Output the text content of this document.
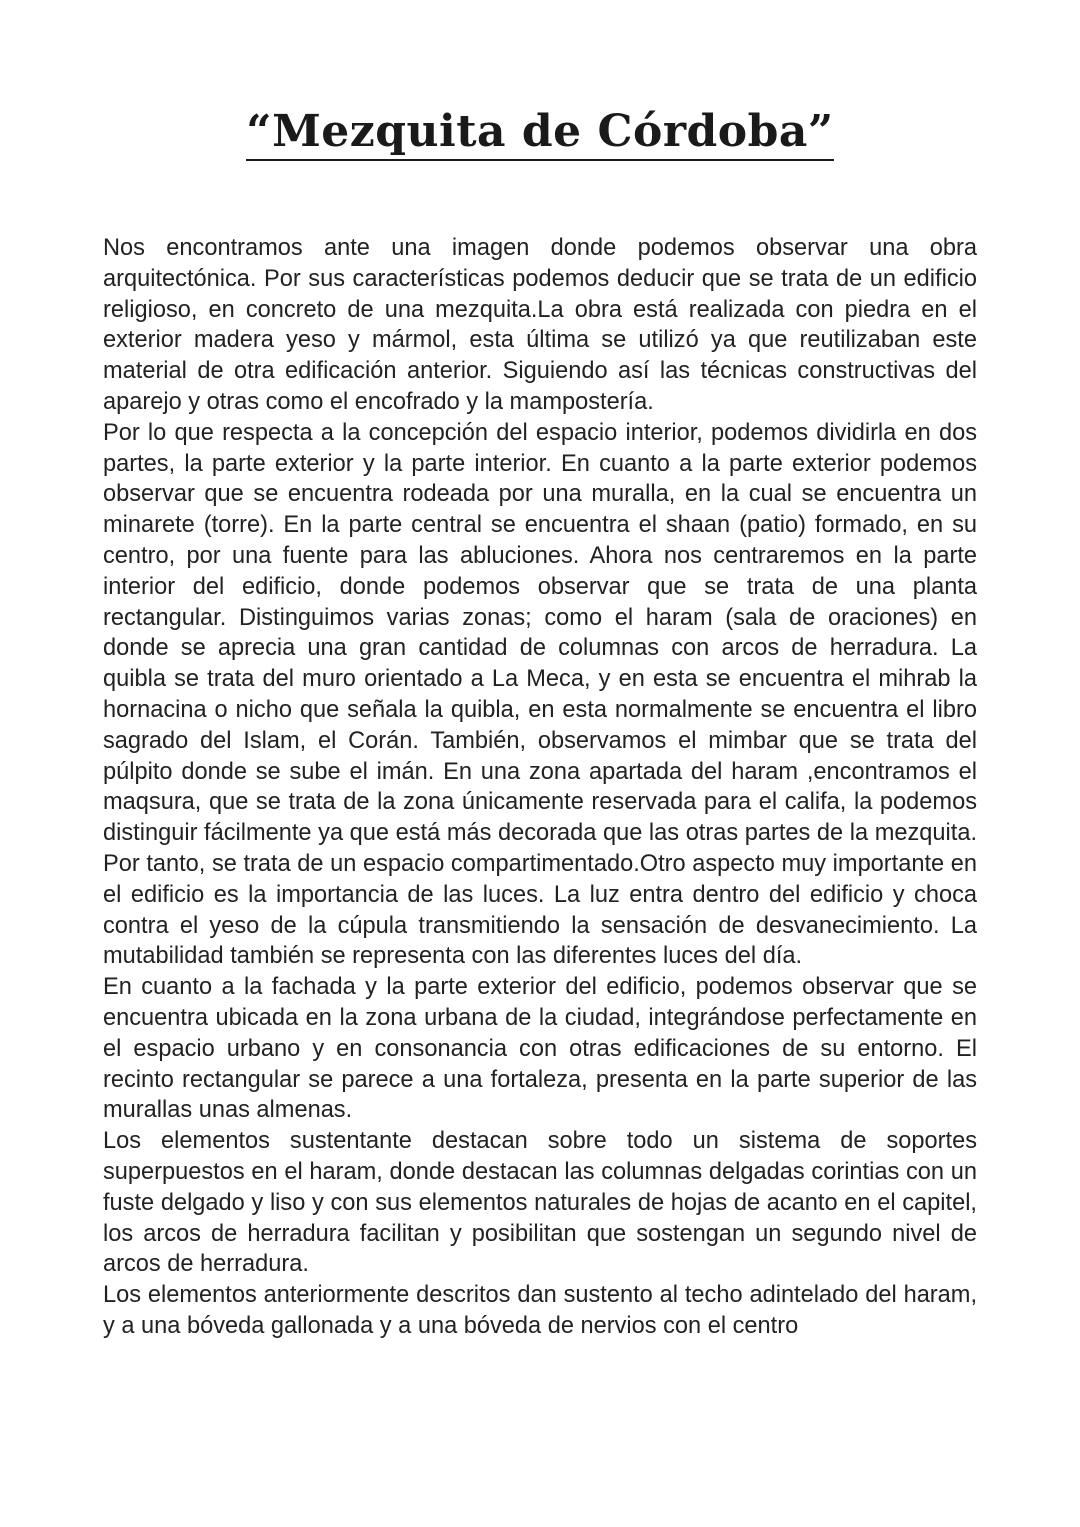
“Mezquita de Córdoba”

Nos encontramos ante una imagen donde podemos observar una obra arquitectónica. Por sus características podemos deducir que se trata de un edificio religioso, en concreto de una mezquita.La obra está realizada con piedra en el exterior madera yeso y mármol, esta última se utilizó ya que reutilizaban este material de otra edificación anterior. Siguiendo así las técnicas constructivas del aparejo y otras como el encofrado y la mampostería.

Por lo que respecta a la concepción del espacio interior, podemos dividirla en dos partes, la parte exterior y la parte interior. En cuanto a la parte exterior podemos observar que se encuentra rodeada por una muralla, en la cual se encuentra un minarete (torre). En la parte central se encuentra el shaan (patio) formado, en su centro, por una fuente para las abluciones. Ahora nos centraremos en la parte interior del edificio, donde podemos observar que se trata de una planta rectangular. Distinguimos varias zonas; como el haram (sala de oraciones) en donde se aprecia una gran cantidad de columnas con arcos de herradura. La quibla se trata del muro orientado a La Meca, y en esta se encuentra el mihrab la hornacina o nicho que señala la quibla, en esta normalmente se encuentra el libro sagrado del Islam, el Corán. También, observamos el mimbar que se trata del púlpito donde se sube el imán. En una zona apartada del haram ,encontramos el maqsura, que se trata de la zona únicamente reservada para el califa, la podemos distinguir fácilmente ya que está más decorada que las otras partes de la mezquita. Por tanto, se trata de un espacio compartimentado.Otro aspecto muy importante en el edificio es la importancia de las luces. La luz entra dentro del edificio y choca contra el yeso de la cúpula transmitiendo la sensación de desvanecimiento. La mutabilidad también se representa con las diferentes luces del día.

En cuanto a la fachada y la parte exterior del edificio, podemos observar que se encuentra ubicada en la zona urbana de la ciudad, integrándose perfectamente en el espacio urbano y en consonancia con otras edificaciones de su entorno. El recinto rectangular se parece a una fortaleza, presenta en la parte superior de las murallas unas almenas.

Los elementos sustentante destacan sobre todo un sistema de soportes superpuestos en el haram, donde destacan las columnas delgadas corintias con un fuste delgado y liso y con sus elementos naturales de hojas de acanto en el capitel, los arcos de herradura facilitan y posibilitan que sostengan un segundo nivel de arcos de herradura.

Los elementos anteriormente descritos dan sustento al techo adintelado del haram, y a una bóveda gallonada y a una bóveda de nervios con el centro
